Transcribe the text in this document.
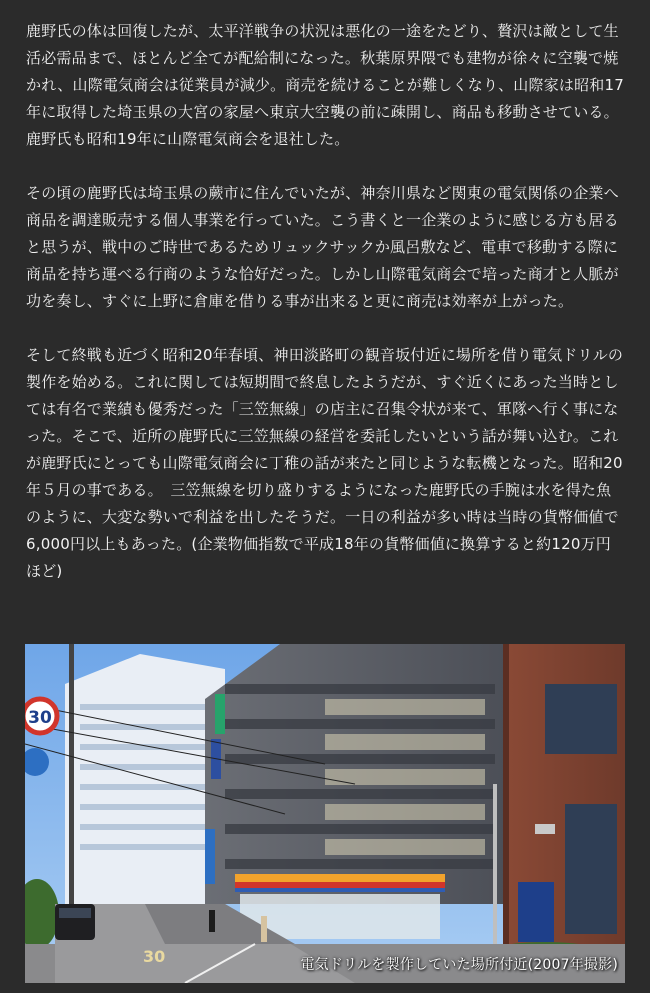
鹿野氏の体は回復したが、太平洋戦争の状況は悪化の一途をたどり、贅沢は敵として生活必需品まで、ほとんど全てが配給制になった。秋葉原界隈でも建物が徐々に空襲で焼かれ、山際電気商会は従業員が減少。商売を続けることが難しくなり、山際家は昭和17年に取得した埼玉県の大宮の家屋へ東京大空襲の前に疎開し、商品も移動させている。　鹿野氏も昭和19年に山際電気商会を退社した。

その頃の鹿野氏は埼玉県の蕨市に住んでいたが、神奈川県など関東の電気関係の企業へ商品を調達販売する個人事業を行っていた。こう書くと一企業のように感じる方も居ると思うが、戦中のご時世であるためリュックサックか風呂敷など、電車で移動する際に商品を持ち運べる行商のような恰好だった。しかし山際電気商会で培った商才と人脈が功を奏し、すぐに上野に倉庫を借りる事が出来ると更に商売は効率が上がった。

そして終戦も近づく昭和20年春頃、神田淡路町の観音坂付近に場所を借り電気ドリルの製作を始める。これに関しては短期間で終息したようだが、すぐ近くにあった当時としては有名で業績も優秀だった「三笠無線」の店主に召集令状が来て、軍隊へ行く事になった。そこで、近所の鹿野氏に三笠無線の経営を委託したいという話が舞い込む。これが鹿野氏にとっても山際電気商会に丁稚の話が来たと同じような転機となった。昭和20年５月の事である。　三笠無線を切り盛りするようになった鹿野氏の手腕は水を得た魚のように、大変な勢いで利益を出したそうだ。一日の利益が多い時は当時の貨幣価値で6,000円以上もあった。(企業物価指数で平成18年の貨幣価値に換算すると約120万円ほど)

30
30	電気ドリルを製作していた場所付近(2007年撮影)
